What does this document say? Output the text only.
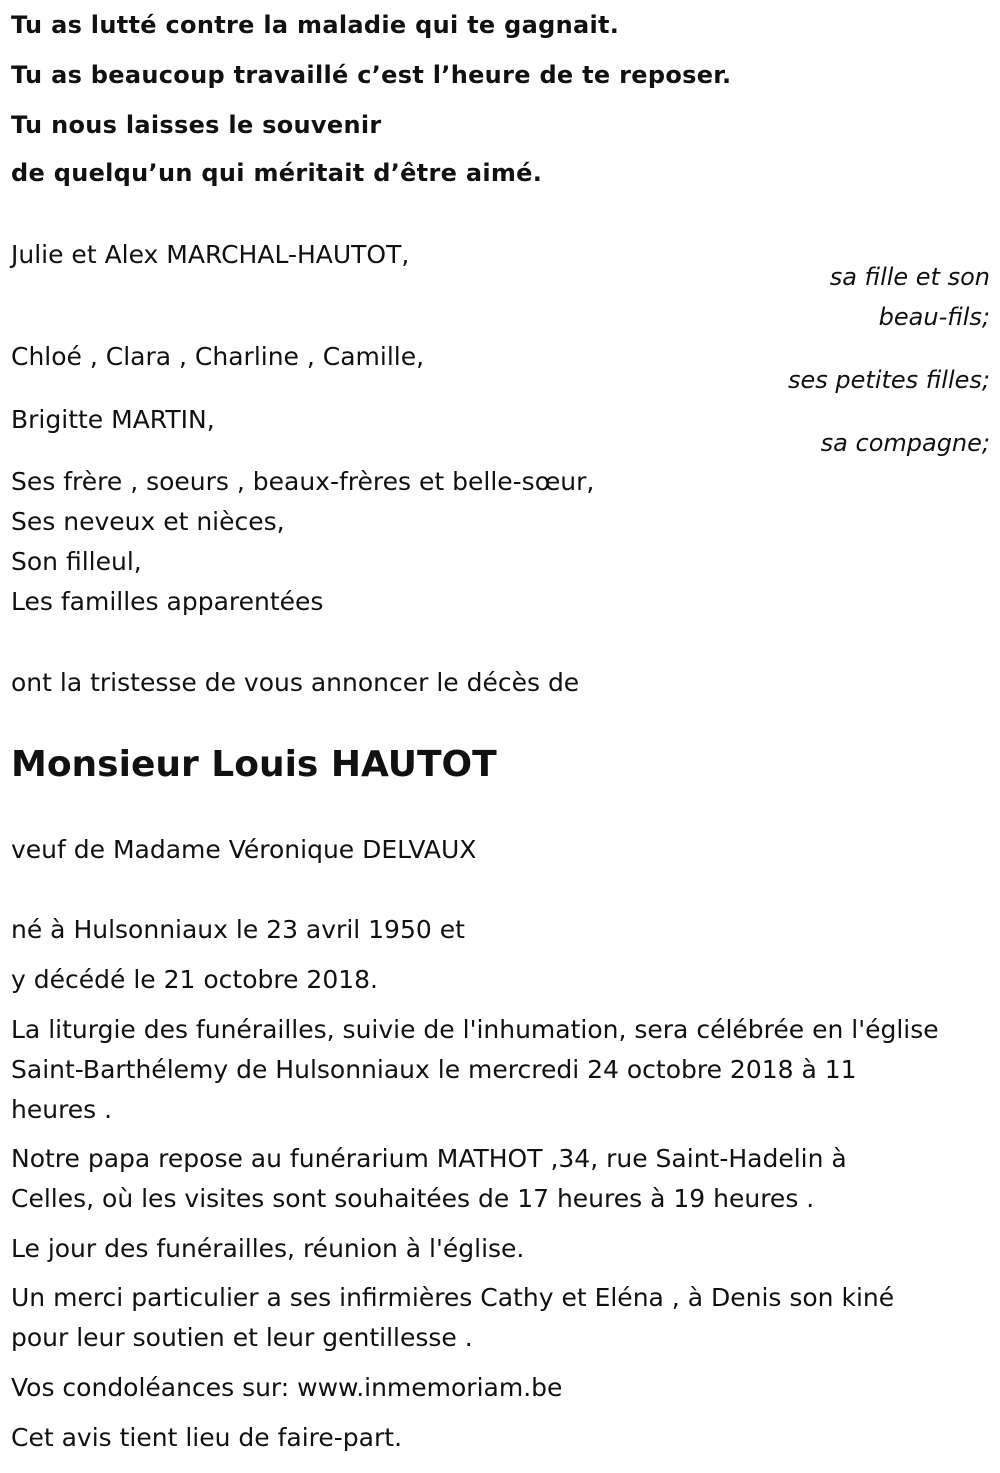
Tu as lutté contre la maladie qui te gagnait.

Tu as beaucoup travaillé c’est l’heure de te reposer.

Tu nous laisses le souvenir

de quelqu’un qui méritait d’être aimé.

Julie et Alex MARCHAL-HAUTOT,

sa fille et son

beau-fils;

Chloé , Clara , Charline , Camille,

ses petites filles;

Brigitte MARTIN,

sa compagne;

Ses frère , soeurs , beaux-frères et belle-sœur,

Ses neveux et nièces,

Son filleul,

Les familles apparentées

ont la tristesse de vous annoncer le décès de

Monsieur Louis HAUTOT

veuf de Madame Véronique DELVAUX

né à Hulsonniaux le 23 avril 1950 et

y décédé le 21 octobre 2018.

La liturgie des funérailles, suivie de l'inhumation, sera célébrée en l'église

Saint-Barthélemy de Hulsonniaux le mercredi 24 octobre 2018 à 11

heures .

Notre papa repose au funérarium MATHOT ,34, rue Saint-Hadelin à

Celles, où les visites sont souhaitées de 17 heures à 19 heures .

Le jour des funérailles, réunion à l'église.

Un merci particulier a ses infirmières Cathy et Eléna , à Denis son kiné

pour leur soutien et leur gentillesse .

Vos condoléances sur: www.inmemoriam.be

Cet avis tient lieu de faire-part.
